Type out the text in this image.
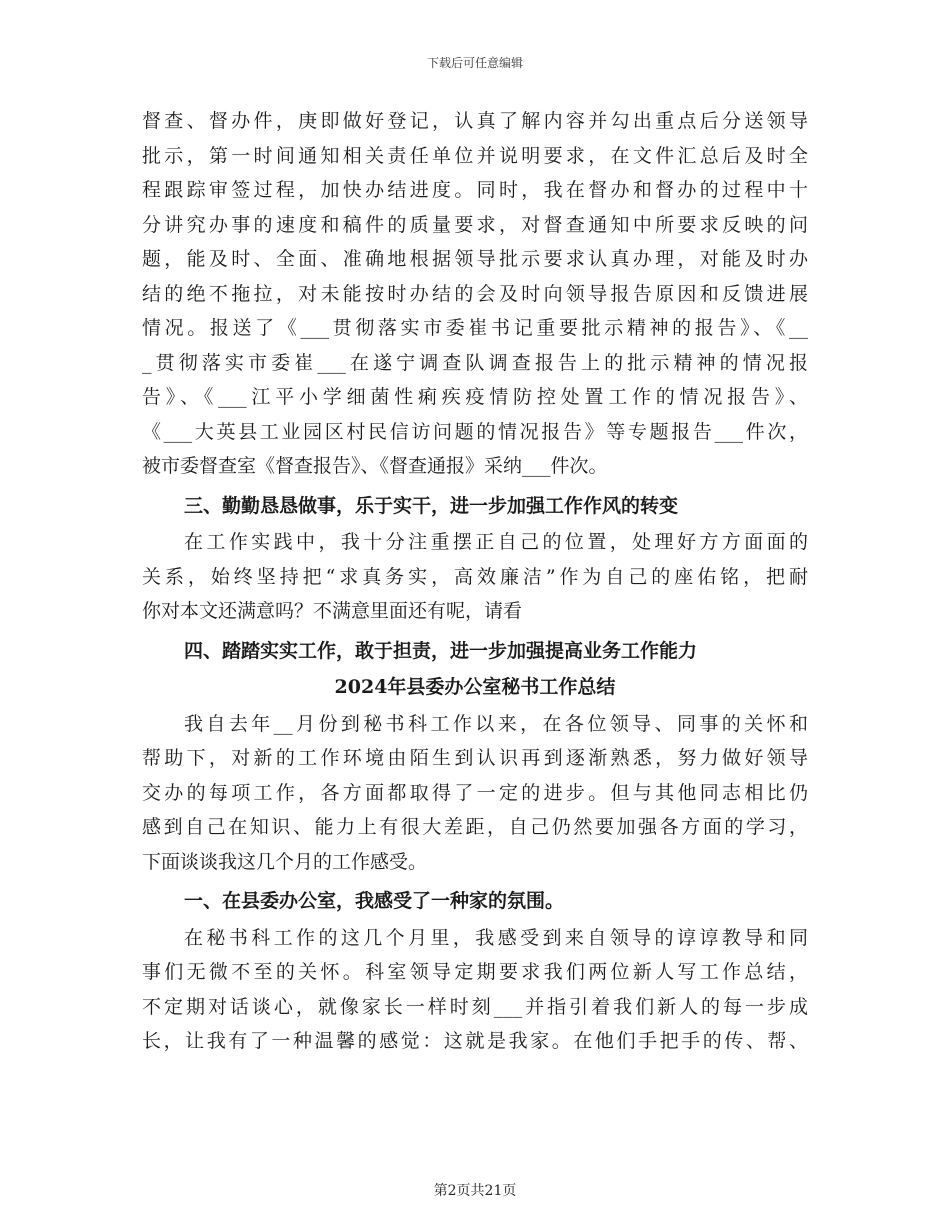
下载后可任意编辑
督查、督办件，庚即做好登记，认真了解内容并勾出重点后分送领导
批示，第一时间通知相关责任单位并说明要求，在文件汇总后及时全
程跟踪审签过程，加快办结进度。同时，我在督办和督办的过程中十
分讲究办事的速度和稿件的质量要求，对督查通知中所要求反映的问
题，能及时、全面、准确地根据领导批示要求认真办理，对能及时办
结的绝不拖拉，对未能按时办结的会及时向领导报告原因和反馈进展
情况。报送了《___贯彻落实市委崔书记重要批示精神的报告》、《__
_贯彻落实市委崔___在遂宁调查队调查报告上的批示精神的情况报
告》、《___江平小学细菌性痢疾疫情防控处置工作的情况报告》、
《___大英县工业园区村民信访问题的情况报告》等专题报告___件次，
被市委督查室《督查报告》、《督查通报》采纳___件次。
三、勤勤恳恳做事，乐于实干，进一步加强工作作风的转变
在工作实践中，我十分注重摆正自己的位置，处理好方方面面的
关系，始终坚持把“求真务实，高效廉洁”作为自己的座佑铭，把耐
你对本文还满意吗？不满意里面还有呢，请看
四、踏踏实实工作，敢于担责，进一步加强提高业务工作能力
2024年县委办公室秘书工作总结
我自去年__月份到秘书科工作以来，在各位领导、同事的关怀和
帮助下，对新的工作环境由陌生到认识再到逐渐熟悉，努力做好领导
交办的每项工作，各方面都取得了一定的进步。但与其他同志相比仍
感到自己在知识、能力上有很大差距，自己仍然要加强各方面的学习，
下面谈谈我这几个月的工作感受。
一、在县委办公室，我感受了一种家的氛围。
在秘书科工作的这几个月里，我感受到来自领导的谆谆教导和同
事们无微不至的关怀。科室领导定期要求我们两位新人写工作总结，
不定期对话谈心，就像家长一样时刻___并指引着我们新人的每一步成
长，让我有了一种温馨的感觉：这就是我家。在他们手把手的传、帮、
第2页共21页
